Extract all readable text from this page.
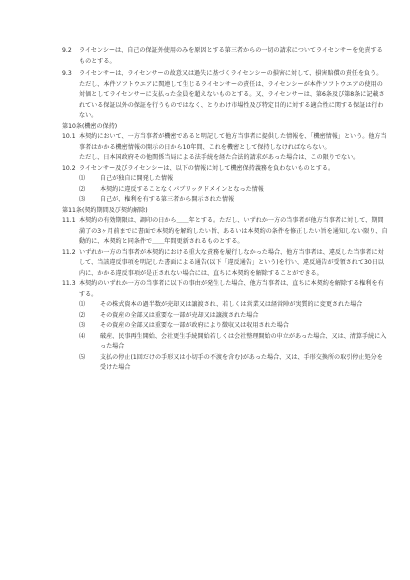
9.2	ライセンシーは、自己の保証外使用のみを原因とする第三者からの一切の請求についてライセンサーを免責するものとする。

9.3	ライセンサーは、ライセンサーの故意又は過失に基づくライセンシーの損害に対して、損害賠償の責任を負う。ただし、本件ソフトウエアに関連して生じるライセンサーの責任は、ライセンシーが本件ソフトウエアの使用の対価としてライセンサーに支払った金員を超えないものとする。又、ライセンサーは、第6条及び第8条に記載されている保証以外の保証を行うものではなく、とりわけ市場性及び特定目的に対する適合性に関する保証は行わない。

第10条(機密の保持)

10.1 本契約において、一方当事者が機密であると明記して他方当事者に提供した情報を、「機密情報」という。他方当事者はかかる機密情報の開示の日から10年間、これを機密として保持しなければならない。

ただし、日本国政府その他関係当局による法手続を経た合法的請求があった場合は、この限りでない。

10.2 ライセンサー及びライセンシーは、以下の情報に対して機密保持義務を負わないものとする。

⑴	自己が独自に開発した情報
⑵	本契約に違反することなくパブリックドメインとなった情報
⑶	自己が、権利を有する第三者から開示された情報

第11条(契約期間及び契約解除)

11.1 本契約の有効期限は、調印の日から＿＿年とする。ただし、いずれか一方の当事者が他方当事者に対して、期間満了の3ヶ月前までに書面で本契約を解約したい旨、あるいは本契約の条件を修正したい旨を通知しない限り、自動的に、本契約と同条件で＿＿年間更新されるものとする。

11.2 いずれか一方の当事者が本契約における重大な責務を履行しなかった場合、他方当事者は、違反した当事者に対して、当該違反事項を明記した書面による通告(以下「違反通告」という)を行い、違反通告が受領されて30日以内に、かかる違反事項が是正されない場合には、直ちに本契約を解除することができる。

11.3 本契約のいずれか一方の当事者に以下の事由が発生した場合、他方当事者は、直ちに本契約を解除する権利を有する。

⑴	その株式資本の過半数が売却又は譲渡され、若しくは営業又は経営陣が実質的に変更された場合
⑵	その資産の全部又は重要な一部が売却又は譲渡された場合
⑶	その資産の全部又は重要な一部が政府により徴収又は収用された場合
⑷	破産、民事再生開始、会社更生手続開始若しくは会社整理開始の申立があった場合、又は、清算手続に入った場合
⑸	支払の停止(1回だけの手形又は小切手の不渡を含む)があった場合、又は、手形交換所の取引停止処分を受けた場合
